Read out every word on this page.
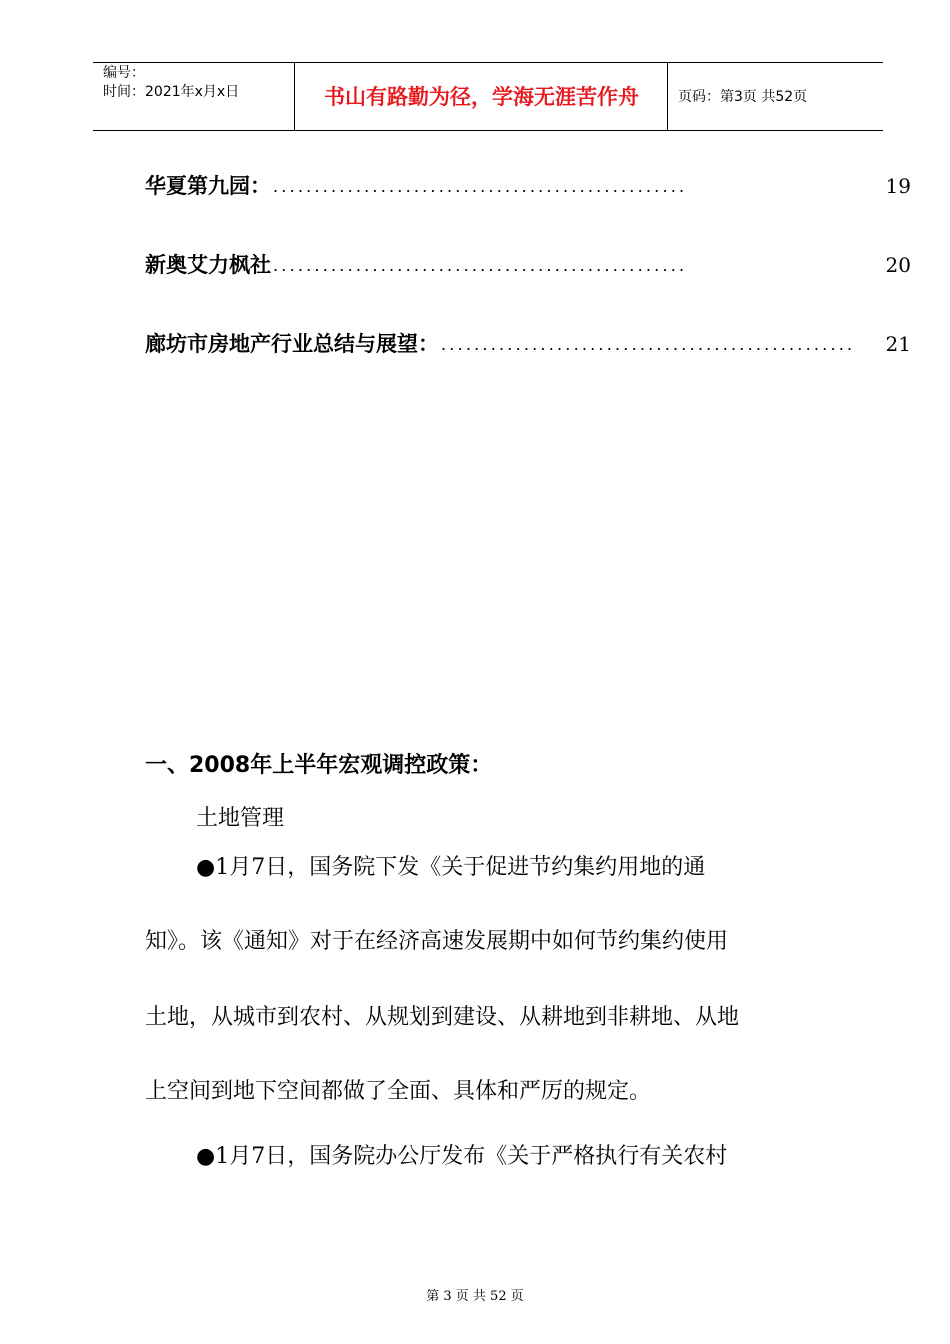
编号：
时间：2021年x月x日	书山有路勤为径，学海无涯苦作舟	页码：第3页 共52页
华夏第九园： ..................................................	19
新奥艾力枫社 ..................................................	20
廊坊市房地产行业总结与展望： ..................................................	21
一、2008年上半年宏观调控政策：
土地管理
●1月7日，国务院下发《关于促进节约集约用地的通
知》。该《通知》对于在经济高速发展期中如何节约集约使用
土地，从城市到农村、从规划到建设、从耕地到非耕地、从地
上空间到地下空间都做了全面、具体和严厉的规定。
●1月7日，国务院办公厅发布《关于严格执行有关农村
第 3 页 共 52 页
